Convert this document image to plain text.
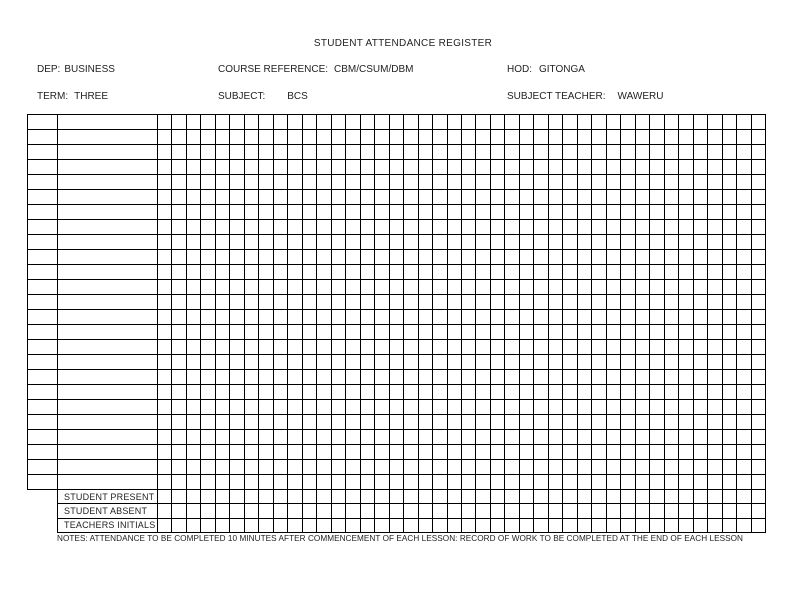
STUDENT ATTENDANCE REGISTER
DEP: BUSINESS	COURSE REFERENCE: CBM/CSUM/DBM	HOD: GITONGA
TERM: THREE	SUBJECT: BCS	SUBJECT TEACHER: WAWERU
STUDENT PRESENT
STUDENT ABSENT
TEACHERS INITIALS
NOTES: ATTENDANCE TO BE COMPLETED 10 MINUTES AFTER COMMENCEMENT OF EACH LESSON: RECORD OF WORK TO BE COMPLETED AT THE END OF EACH LESSON
